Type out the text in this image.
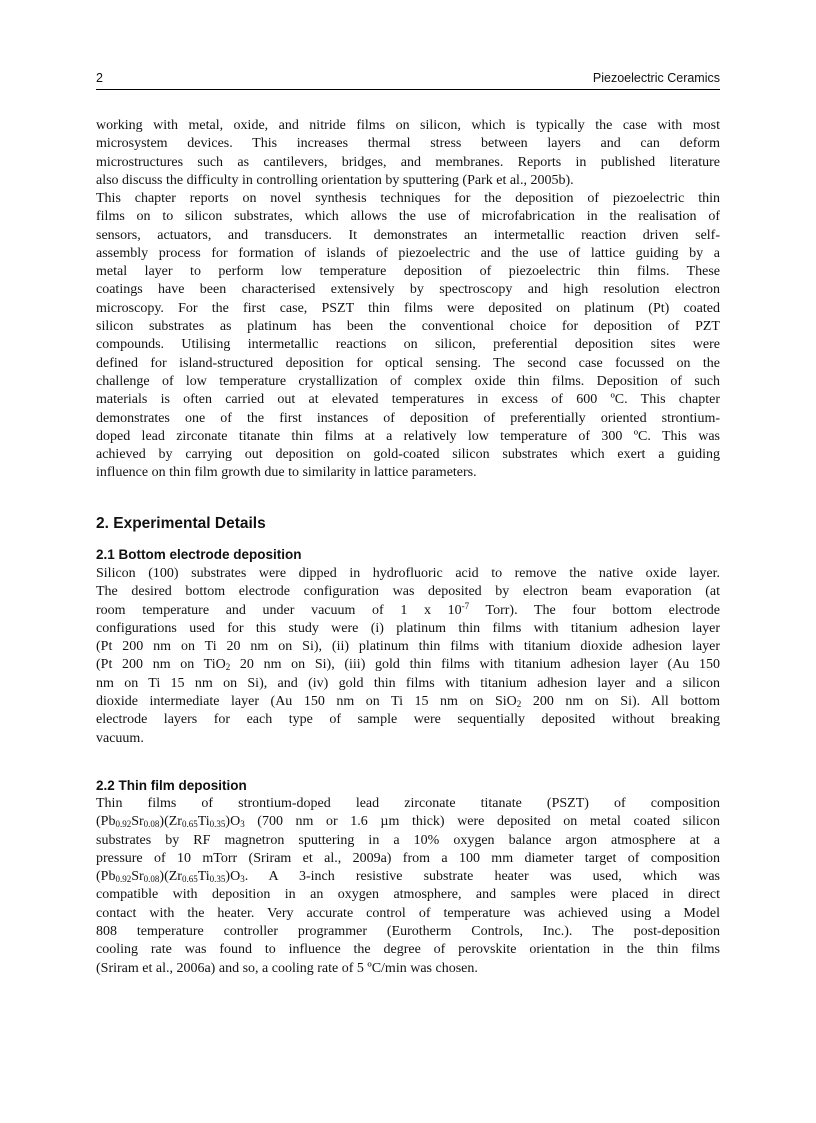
2	Piezoelectric Ceramics
working with metal, oxide, and nitride films on silicon, which is typically the case with most
microsystem devices. This increases thermal stress between layers and can deform
microstructures such as cantilevers, bridges, and membranes. Reports in published literature
also discuss the difficulty in controlling orientation by sputtering (Park et al., 2005b).
This chapter reports on novel synthesis techniques for the deposition of piezoelectric thin
films on to silicon substrates, which allows the use of microfabrication in the realisation of
sensors, actuators, and transducers. It demonstrates an intermetallic reaction driven self-
assembly process for formation of islands of piezoelectric and the use of lattice guiding by a
metal layer to perform low temperature deposition of piezoelectric thin films. These
coatings have been characterised extensively by spectroscopy and high resolution electron
microscopy. For the first case, PSZT thin films were deposited on platinum (Pt) coated
silicon substrates as platinum has been the conventional choice for deposition of PZT
compounds. Utilising intermetallic reactions on silicon, preferential deposition sites were
defined for island-structured deposition for optical sensing. The second case focussed on the
challenge of low temperature crystallization of complex oxide thin films. Deposition of such
materials is often carried out at elevated temperatures in excess of 600 ºC. This chapter
demonstrates one of the first instances of deposition of preferentially oriented strontium-
doped lead zirconate titanate thin films at a relatively low temperature of 300 ºC. This was
achieved by carrying out deposition on gold-coated silicon substrates which exert a guiding
influence on thin film growth due to similarity in lattice parameters.
2. Experimental Details
2.1 Bottom electrode deposition
Silicon (100) substrates were dipped in hydrofluoric acid to remove the native oxide layer.
The desired bottom electrode configuration was deposited by electron beam evaporation (at
room temperature and under vacuum of 1 x $10^{-7}$ Torr). The four bottom electrode
configurations used for this study were (i) platinum thin films with titanium adhesion layer
(Pt 200 nm on Ti 20 nm on Si), (ii) platinum thin films with titanium dioxide adhesion layer
(Pt 200 nm on TiO$_2$ 20 nm on Si), (iii) gold thin films with titanium adhesion layer (Au 150
nm on Ti 15 nm on Si), and (iv) gold thin films with titanium adhesion layer and a silicon
dioxide intermediate layer (Au 150 nm on Ti 15 nm on SiO$_2$ 200 nm on Si). All bottom
electrode layers for each type of sample were sequentially deposited without breaking
vacuum.
2.2 Thin film deposition
Thin films of strontium-doped lead zirconate titanate (PSZT) of composition
$(Pb_{0.92}Sr_{0.08})(Zr_{0.65}Ti_{0.35})O_3$ (700 nm or 1.6 µm thick) were deposited on metal coated silicon
substrates by RF magnetron sputtering in a 10% oxygen balance argon atmosphere at a
pressure of 10 mTorr (Sriram et al., 2009a) from a 100 mm diameter target of composition
$(Pb_{0.92}Sr_{0.08})(Zr_{0.65}Ti_{0.35})O_3$. A 3-inch resistive substrate heater was used, which was
compatible with deposition in an oxygen atmosphere, and samples were placed in direct
contact with the heater. Very accurate control of temperature was achieved using a Model
808 temperature controller programmer (Eurotherm Controls, Inc.). The post-deposition
cooling rate was found to influence the degree of perovskite orientation in the thin films
(Sriram et al., 2006a) and so, a cooling rate of 5 ºC/min was chosen.
